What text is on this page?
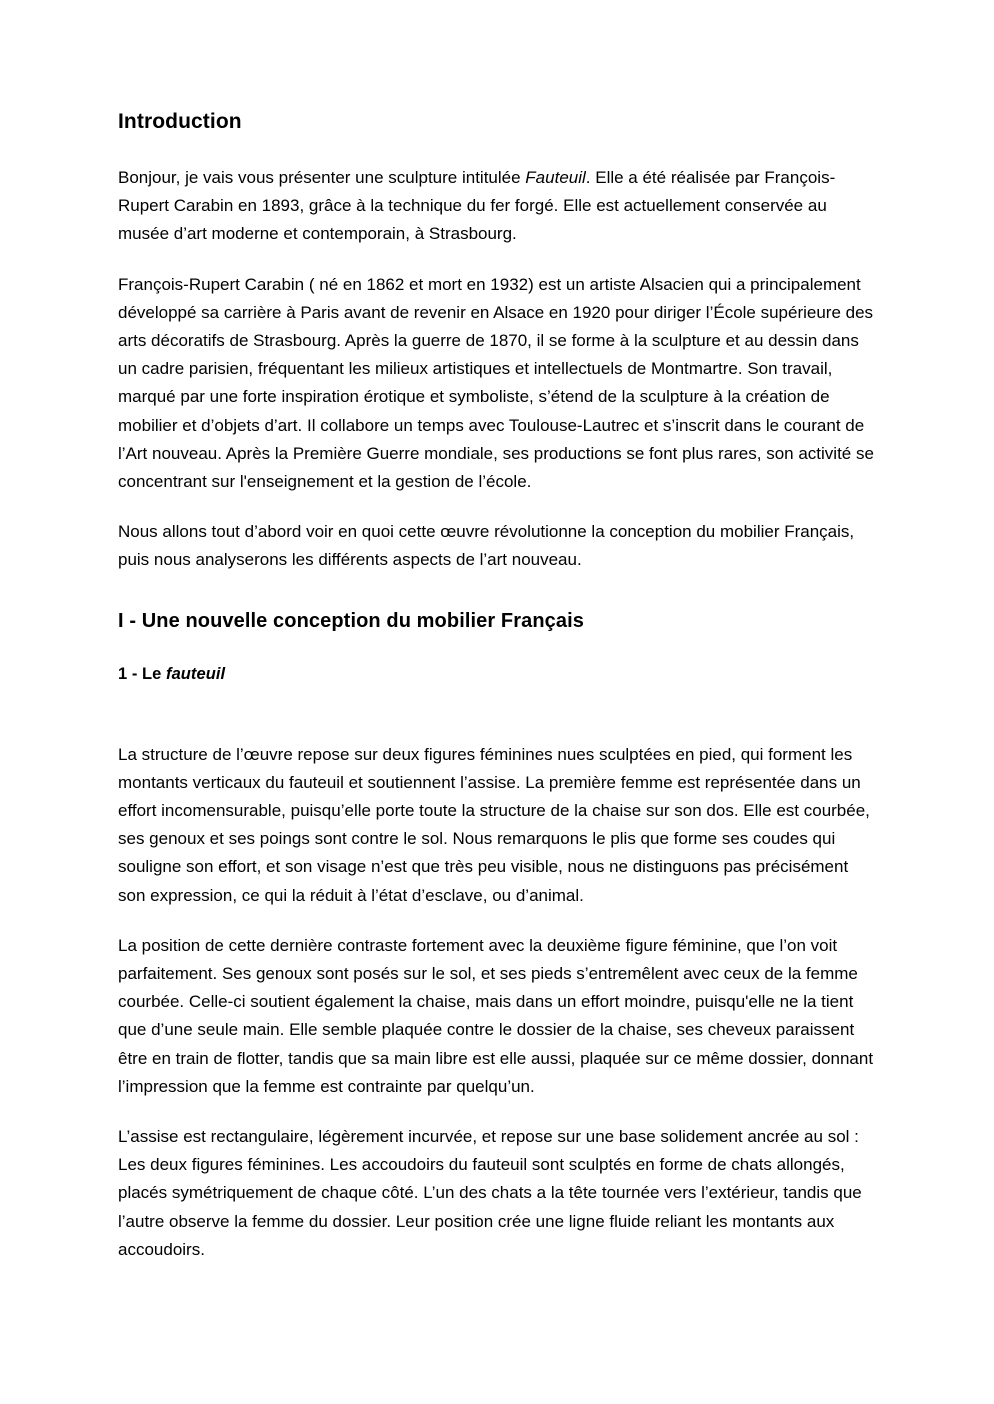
Introduction

Bonjour, je vais vous présenter une sculpture intitulée Fauteuil. Elle a été réalisée par François-Rupert Carabin en 1893, grâce à la technique du fer forgé. Elle est actuellement conservée au musée d’art moderne et contemporain, à Strasbourg.

François-Rupert Carabin ( né en 1862 et mort en 1932) est un artiste Alsacien qui a principalement développé sa carrière à Paris avant de revenir en Alsace en 1920 pour diriger l’École supérieure des arts décoratifs de Strasbourg. Après la guerre de 1870, il se forme à la sculpture et au dessin dans un cadre parisien, fréquentant les milieux artistiques et intellectuels de Montmartre. Son travail, marqué par une forte inspiration érotique et symboliste, s’étend de la sculpture à la création de mobilier et d’objets d’art. Il collabore un temps avec Toulouse-Lautrec et s’inscrit dans le courant de l’Art nouveau. Après la Première Guerre mondiale, ses productions se font plus rares, son activité se concentrant sur l'enseignement et la gestion de l’école.

Nous allons tout d’abord voir en quoi cette œuvre révolutionne la conception du mobilier Français, puis nous analyserons les différents aspects de l’art nouveau.

I - Une nouvelle conception du mobilier Français
1 - Le fauteuil

La structure de l’œuvre repose sur deux figures féminines nues sculptées en pied, qui forment les montants verticaux du fauteuil et soutiennent l’assise. La première femme est représentée dans un effort incomensurable, puisqu’elle porte toute la structure de la chaise sur son dos. Elle est courbée, ses genoux et ses poings sont contre le sol. Nous remarquons le plis que forme ses coudes qui souligne son effort, et son visage n’est que très peu visible, nous ne distinguons pas précisément son expression, ce qui la réduit à l’état d’esclave, ou d’animal.

La position de cette dernière contraste fortement avec la deuxième figure féminine, que l’on voit parfaitement. Ses genoux sont posés sur le sol, et ses pieds s’entremêlent avec ceux de la femme courbée. Celle-ci soutient également la chaise, mais dans un effort moindre, puisqu'elle ne la tient que d’une seule main. Elle semble plaquée contre le dossier de la chaise, ses cheveux paraissent être en train de flotter, tandis que sa main libre est elle aussi, plaquée sur ce même dossier, donnant l’impression que la femme est contrainte par quelqu’un.

L’assise est rectangulaire, légèrement incurvée, et repose sur une base solidement ancrée au sol : Les deux figures féminines. Les accoudoirs du fauteuil sont sculptés en forme de chats allongés, placés symétriquement de chaque côté. L’un des chats a la tête tournée vers l’extérieur, tandis que l’autre observe la femme du dossier. Leur position crée une ligne fluide reliant les montants aux accoudoirs.
